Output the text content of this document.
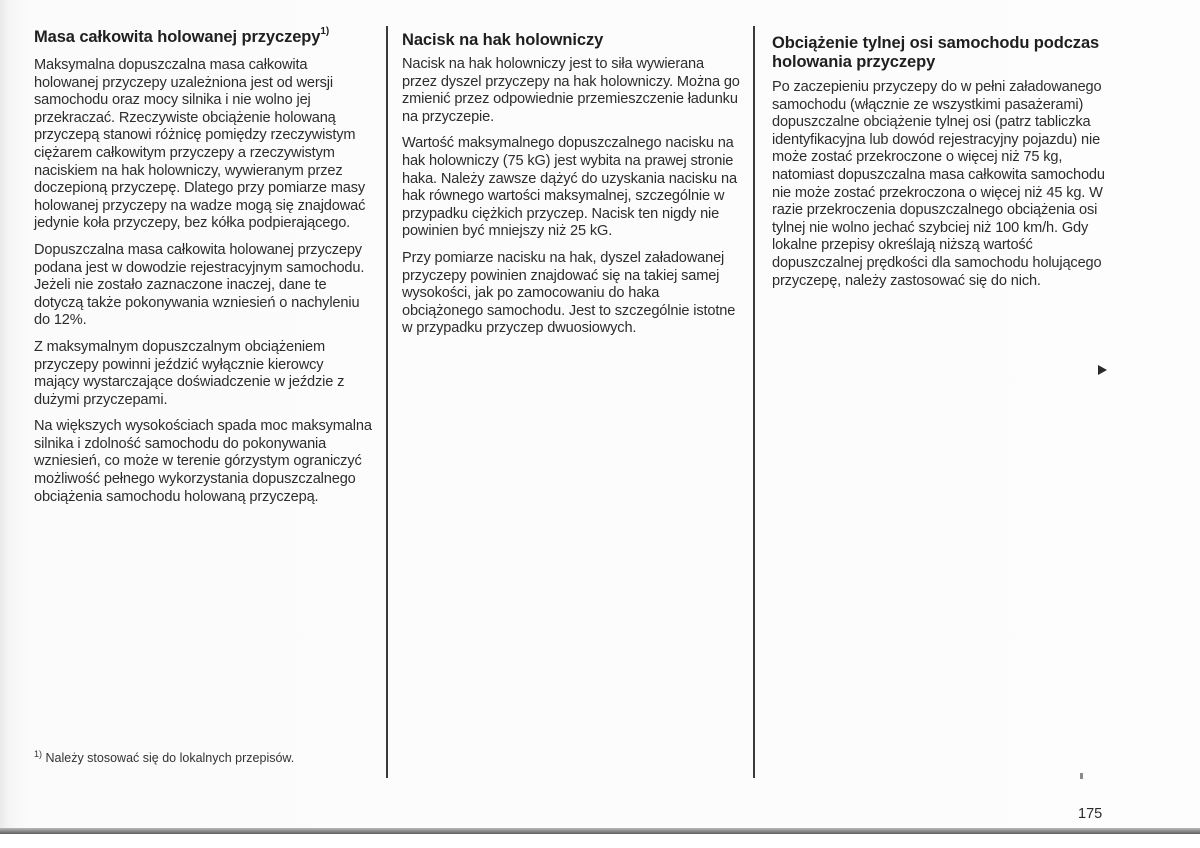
Masa całkowita holowanej przyczepy$^{1)}$

Maksymalna dopuszczalna masa całkowita holowanej przyczepy uzależniona jest od wersji samochodu oraz mocy silnika i nie wolno jej przekraczać. Rzeczywiste obciążenie holowaną przyczepą stanowi różnicę pomiędzy rzeczywistym ciężarem całkowitym przyczepy a rzeczywistym naciskiem na hak holowniczy, wywieranym przez doczepioną przyczepę. Dlatego przy pomiarze masy holowanej przyczepy na wadze mogą się znajdować jedynie koła przyczepy, bez kółka podpierającego.

Dopuszczalna masa całkowita holowanej przyczepy podana jest w dowodzie rejestracyjnym samochodu. Jeżeli nie zostało zaznaczone inaczej, dane te dotyczą także pokonywania wzniesień o nachyleniu do 12%.

Z maksymalnym dopuszczalnym obciążeniem przyczepy powinni jeździć wyłącznie kierowcy mający wystarczające doświadczenie w jeździe z dużymi przyczepami.

Na większych wysokościach spada moc maksymalna silnika i zdolność samochodu do pokonywania wzniesień, co może w terenie górzystym ograniczyć możliwość pełnego wykorzystania dopuszczalnego obciążenia samochodu holowaną przyczepą.

Nacisk na hak holowniczy

Nacisk na hak holowniczy jest to siła wywierana przez dyszel przyczepy na hak holowniczy. Można go zmienić przez odpowiednie przemieszczenie ładunku na przyczepie.

Wartość maksymalnego dopuszczalnego nacisku na hak holowniczy (75 kG) jest wybita na prawej stronie haka. Należy zawsze dążyć do uzyskania nacisku na hak równego wartości maksymalnej, szczególnie w przypadku ciężkich przyczep. Nacisk ten nigdy nie powinien być mniejszy niż 25 kG.

Przy pomiarze nacisku na hak, dyszel załadowanej przyczepy powinien znajdować się na takiej samej wysokości, jak po zamocowaniu do haka obciążonego samochodu. Jest to szczególnie istotne w przypadku przyczep dwuosiowych.

Obciążenie tylnej osi samochodu podczas holowania przyczepy

Po zaczepieniu przyczepy do w pełni załadowanego samochodu (włącznie ze wszystkimi pasażerami) dopuszczalne obciążenie tylnej osi (patrz tabliczka identyfikacyjna lub dowód rejestracyjny pojazdu) nie może zostać przekroczone o więcej niż 75 kg, natomiast dopuszczalna masa całkowita samochodu nie może zostać przekroczona o więcej niż 45 kg. W razie przekroczenia dopuszczalnego obciążenia osi tylnej nie wolno jechać szybciej niż 100 km/h. Gdy lokalne przepisy określają niższą wartość dopuszczalnej prędkości dla samochodu holującego przyczepę, należy zastosować się do nich.

$^{1)}$ Należy stosować się do lokalnych przepisów.
175
